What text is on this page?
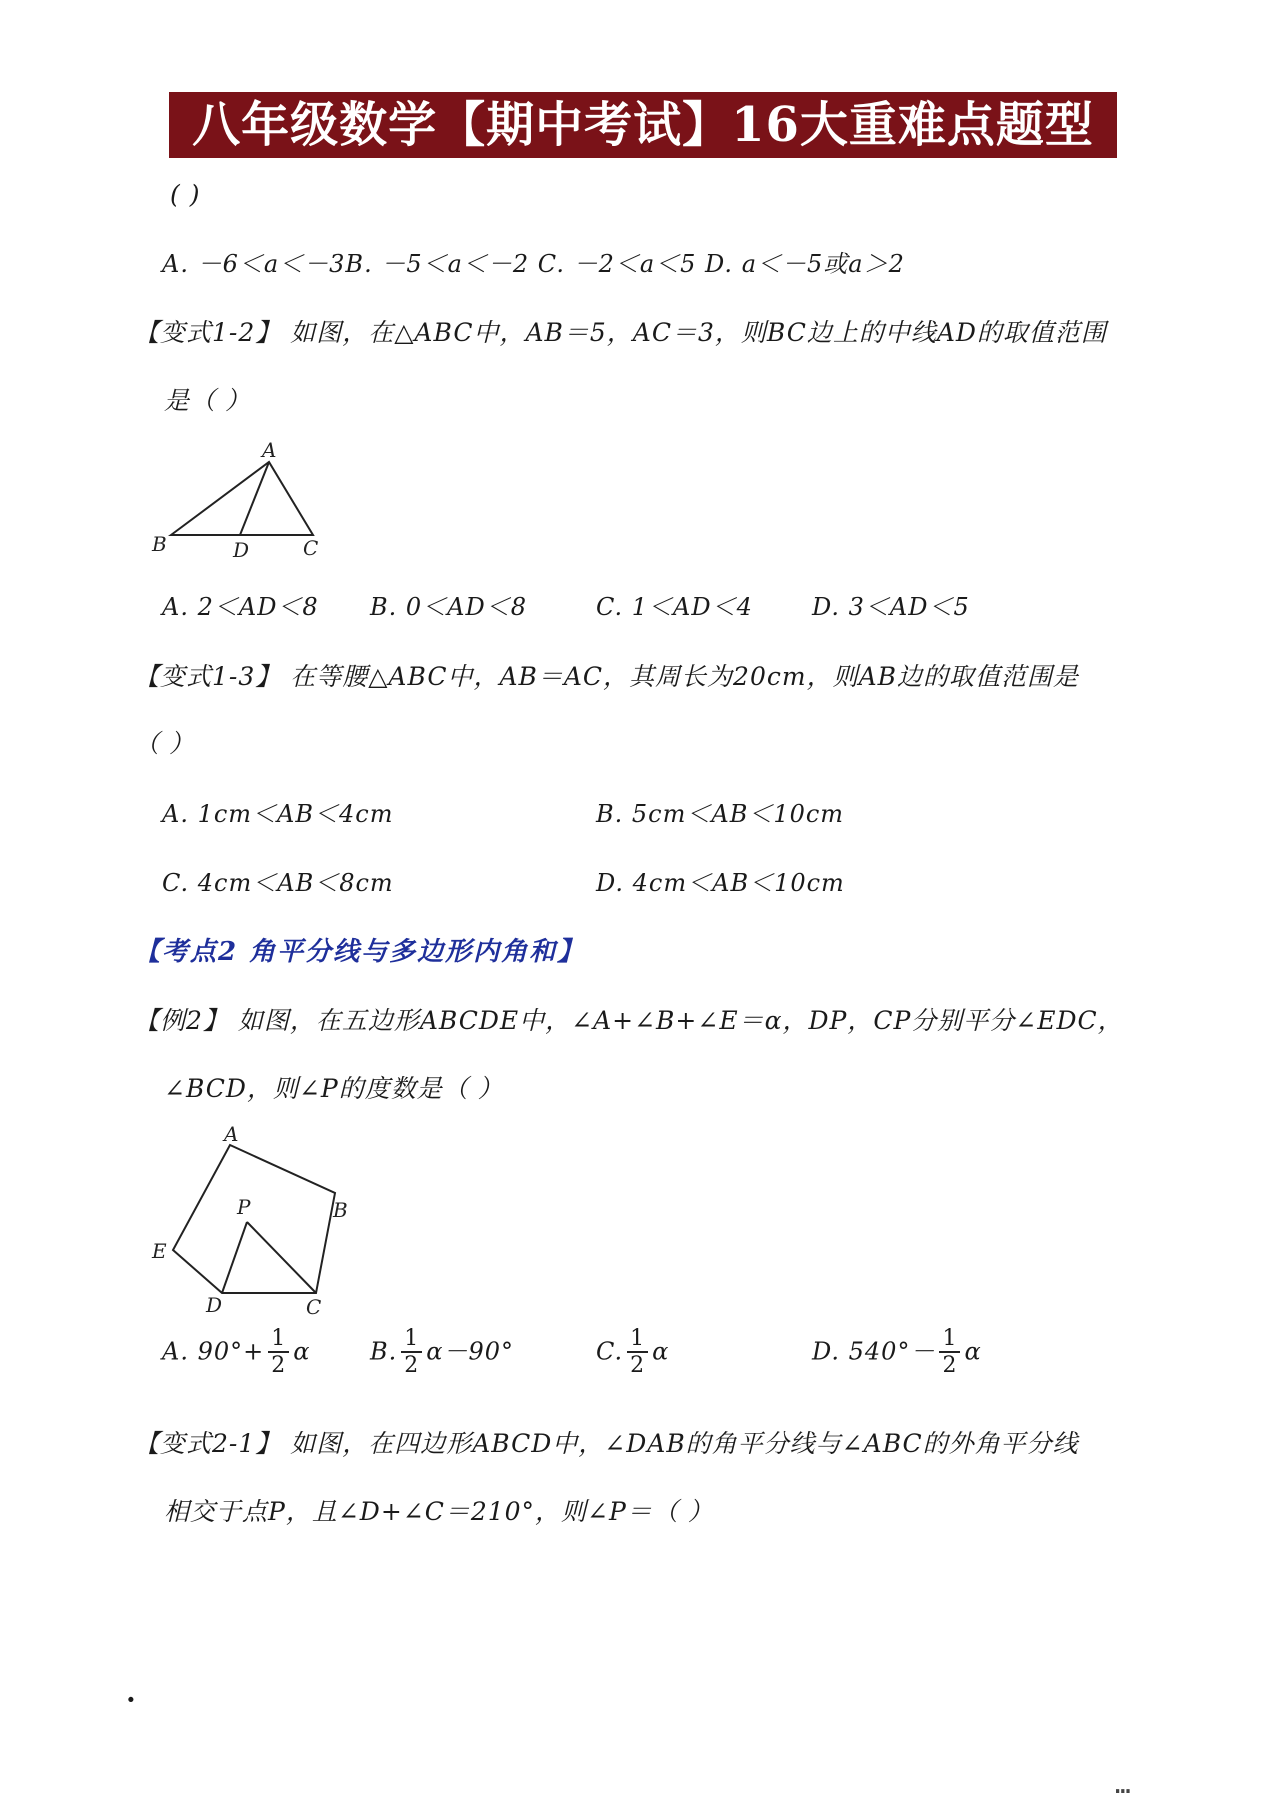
八年级数学【期中考试】16大重难点题型
( )
A. －6＜a＜－3B. －5＜a＜－2 C. －2＜a＜5 D. a＜－5或a＞2
【变式1-2】 如图，在△ABC中，AB＝5，AC＝3，则BC边上的中线AD的取值范围
是（ ）
A
B	D	C
A. 2＜AD＜8 B. 0＜AD＜8	C. 1＜AD＜4 D. 3＜AD＜5
【变式1-3】 在等腰△ABC中，AB＝AC，其周长为20cm，则AB边的取值范围是
（ ）
A. 1cm＜AB＜4cm	B. 5cm＜AB＜10cm
C. 4cm＜AB＜8cm	D. 4cm＜AB＜10cm
【考点2 角平分线与多边形内角和】
【例2】 如图，在五边形ABCDE中，∠A+∠B+∠E＝α，DP，CP分别平分∠EDC，
∠BCD，则∠P的度数是（ ）
A
B
C
D
E
P
A. $90^\circ+ \frac{1}{2}$ α B. $\frac{1}{2} \alpha-90^\circ$	C. $\frac{1}{2}$ α	D. $540^\circ- \frac{1}{2}$ α
【变式2-1】 如图，在四边形ABCD中，∠DAB的角平分线与∠ABC的外角平分线
相交于点P，且∠D+∠C＝210°，则∠P＝（ ）
·
…
